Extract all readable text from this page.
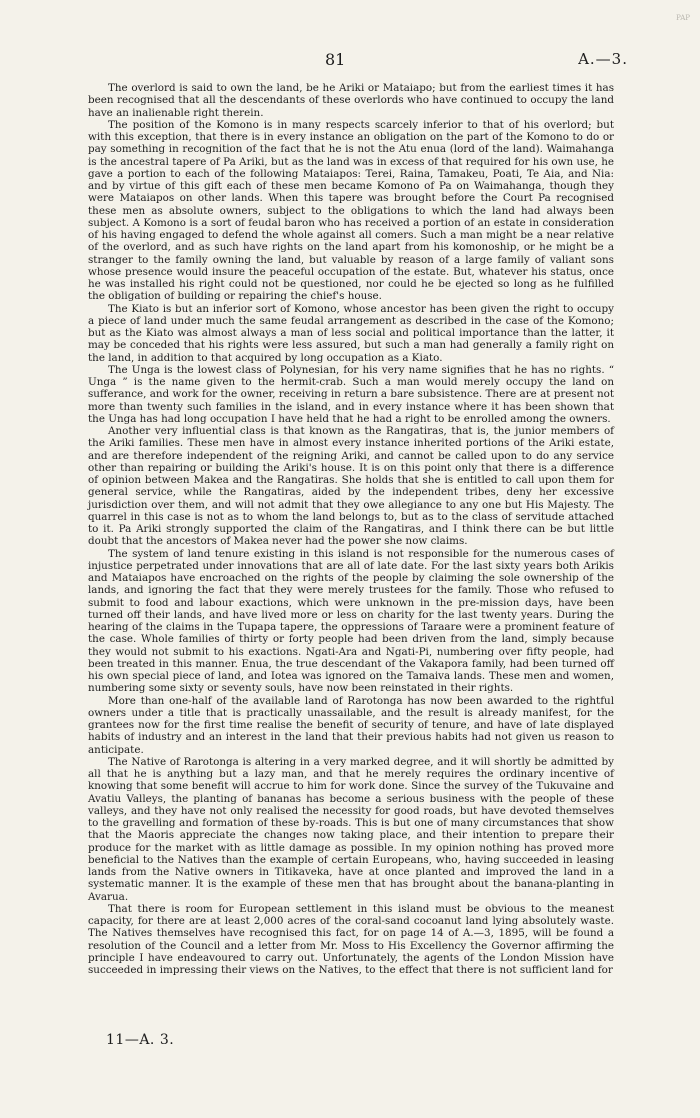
PAP
81	A.—3.

The overlord is said to own the land, be he Ariki or Mataiapo; but from the earliest times it has been recognised that all the descendants of these overlords who have continued to occupy the land have an inalienable right therein.

The position of the Komono is in many respects scarcely inferior to that of his overlord; but with this exception, that there is in every instance an obligation on the part of the Komono to do or pay something in recognition of the fact that he is not the Atu enua (lord of the land). Waimahanga is the ancestral tapere of Pa Ariki, but as the land was in excess of that required for his own use, he gave a portion to each of the following Mataiapos: Terei, Raina, Tamakeu, Poati, Te Aia, and Nia: and by virtue of this gift each of these men became Komono of Pa on Waimahanga, though they were Mataiapos on other lands. When this tapere was brought before the Court Pa recognised these men as absolute owners, subject to the obligations to which the land had always been subject. A Komono is a sort of feudal baron who has received a portion of an estate in consideration of his having engaged to defend the whole against all comers. Such a man might be a near relative of the overlord, and as such have rights on the land apart from his komonoship, or he might be a stranger to the family owning the land, but valuable by reason of a large family of valiant sons whose presence would insure the peaceful occupation of the estate. But, whatever his status, once he was installed his right could not be questioned, nor could he be ejected so long as he fulfilled the obligation of building or repairing the chief's house.

The Kiato is but an inferior sort of Komono, whose ancestor has been given the right to occupy a piece of land under much the same feudal arrangement as described in the case of the Komono; but as the Kiato was almost always a man of less social and political importance than the latter, it may be conceded that his rights were less assured, but such a man had generally a family right on the land, in addition to that acquired by long occupation as a Kiato.

The Unga is the lowest class of Polynesian, for his very name signifies that he has no rights. “ Unga ” is the name given to the hermit-crab. Such a man would merely occupy the land on sufferance, and work for the owner, receiving in return a bare subsistence. There are at present not more than twenty such families in the island, and in every instance where it has been shown that the Unga has had long occupation I have held that he had a right to be enrolled among the owners.

Another very influential class is that known as the Rangatiras, that is, the junior members of the Ariki families. These men have in almost every instance inherited portions of the Ariki estate, and are therefore independent of the reigning Ariki, and cannot be called upon to do any service other than repairing or building the Ariki's house. It is on this point only that there is a difference of opinion between Makea and the Rangatiras. She holds that she is entitled to call upon them for general service, while the Rangatiras, aided by the independent tribes, deny her excessive jurisdiction over them, and will not admit that they owe allegiance to any one but His Majesty. The quarrel in this case is not as to whom the land belongs to, but as to the class of servitude attached to it. Pa Ariki strongly supported the claim of the Rangatiras, and I think there can be but little doubt that the ancestors of Makea never had the power she now claims.

The system of land tenure existing in this island is not responsible for the numerous cases of injustice perpetrated under innovations that are all of late date. For the last sixty years both Arikis and Mataiapos have encroached on the rights of the people by claiming the sole ownership of the lands, and ignoring the fact that they were merely trustees for the family. Those who refused to submit to food and labour exactions, which were unknown in the pre-mission days, have been turned off their lands, and have lived more or less on charity for the last twenty years. During the hearing of the claims in the Tupapa tapere, the oppressions of Taraare were a prominent feature of the case. Whole families of thirty or forty people had been driven from the land, simply because they would not submit to his exactions. Ngati-Ara and Ngati-Pi, numbering over fifty people, had been treated in this manner. Enua, the true descendant of the Vakapora family, had been turned off his own special piece of land, and Iotea was ignored on the Tamaiva lands. These men and women, numbering some sixty or seventy souls, have now been reinstated in their rights.

More than one-half of the available land of Rarotonga has now been awarded to the rightful owners under a title that is practically unassailable, and the result is already manifest, for the grantees now for the first time realise the benefit of security of tenure, and have of late displayed habits of industry and an interest in the land that their previous habits had not given us reason to anticipate.

The Native of Rarotonga is altering in a very marked degree, and it will shortly be admitted by all that he is anything but a lazy man, and that he merely requires the ordinary incentive of knowing that some benefit will accrue to him for work done. Since the survey of the Tukuvaine and Avatiu Valleys, the planting of bananas has become a serious business with the people of these valleys, and they have not only realised the necessity for good roads, but have devoted themselves to the gravelling and formation of these by-roads. This is but one of many circumstances that show that the Maoris appreciate the changes now taking place, and their intention to prepare their produce for the market with as little damage as possible. In my opinion nothing has proved more beneficial to the Natives than the example of certain Europeans, who, having succeeded in leasing lands from the Native owners in Titikaveka, have at once planted and improved the land in a systematic manner. It is the example of these men that has brought about the banana-planting in Avarua.

That there is room for European settlement in this island must be obvious to the meanest capacity, for there are at least 2,000 acres of the coral-sand cocoanut land lying absolutely waste. The Natives themselves have recognised this fact, for on page 14 of A.—3, 1895, will be found a resolution of the Council and a letter from Mr. Moss to His Excellency the Governor affirming the principle I have endeavoured to carry out. Unfortunately, the agents of the London Mission have succeeded in impressing their views on the Natives, to the effect that there is not sufficient land for

11—A. 3.
